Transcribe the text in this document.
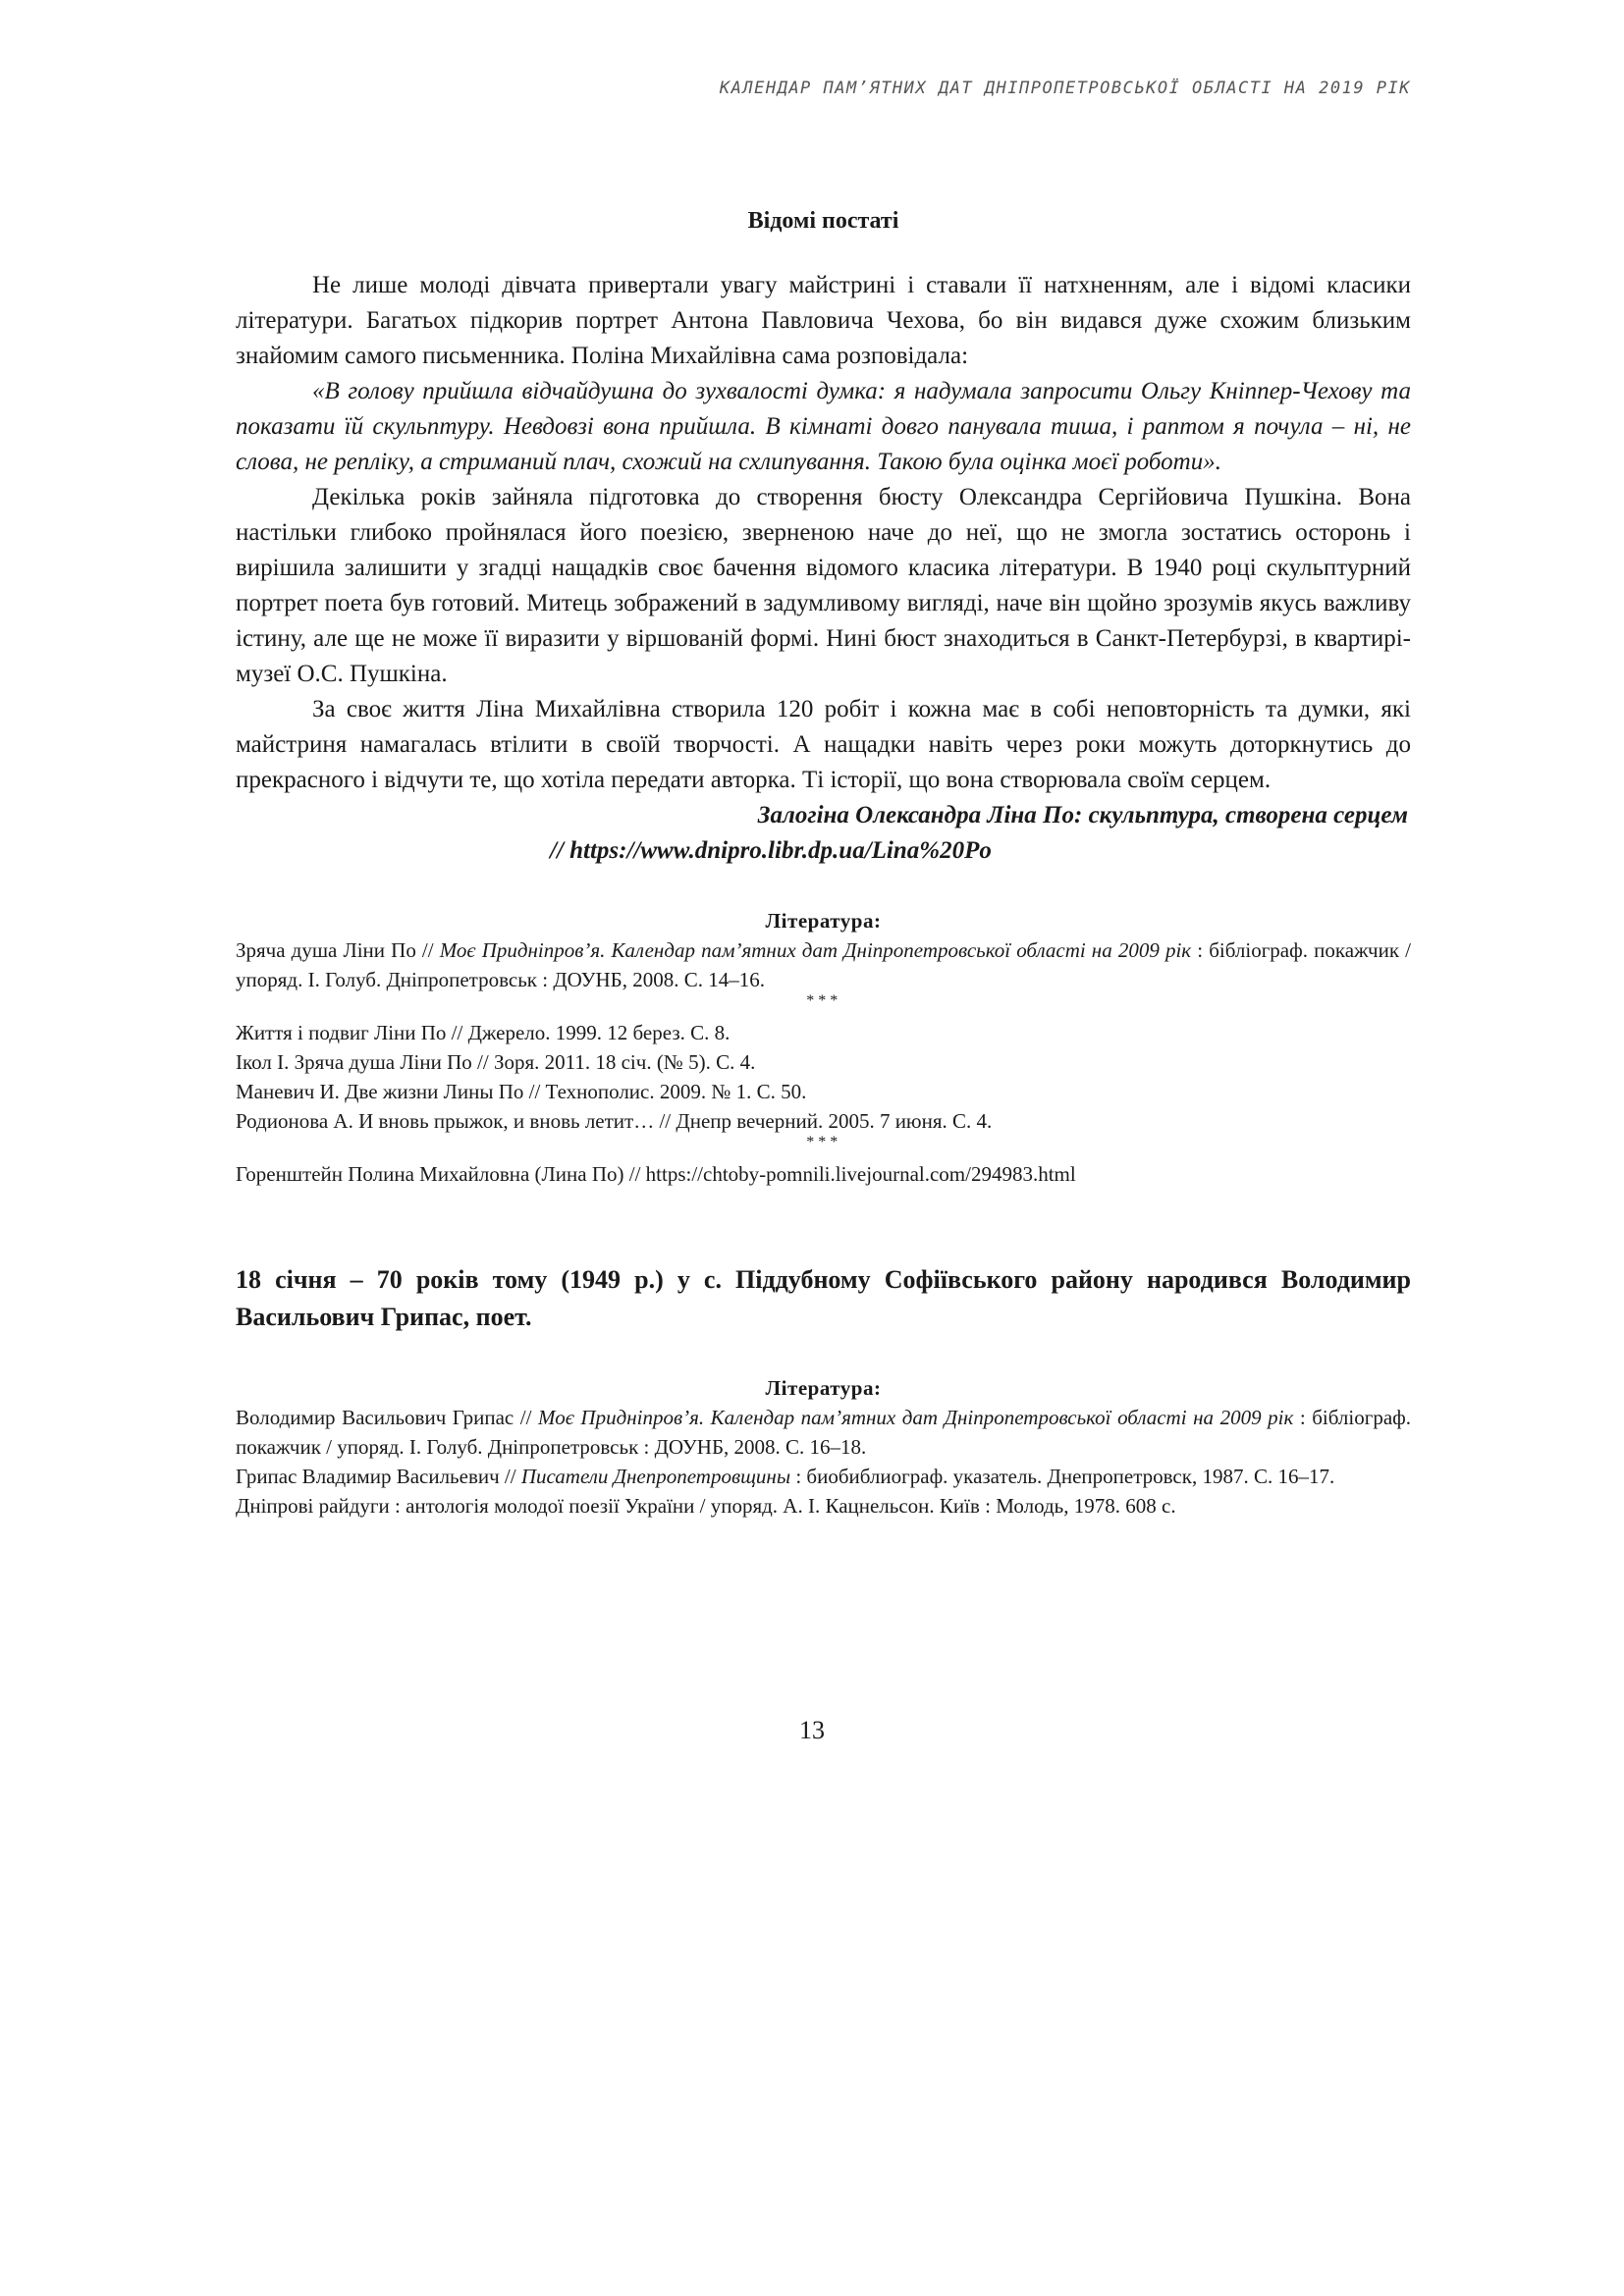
КАЛЕНДАР ПАМ’ЯТНИХ ДАТ ДНІПРОПЕТРОВСЬКОЇ ОБЛАСТІ НА 2019 РІК
Відомі постаті

Не лише молоді дівчата привертали увагу майстрині і ставали її натхненням, але і відомі класики літератури. Багатьох підкорив портрет Антона Павловича Чехова, бо він видався дуже схожим близьким знайомим самого письменника. Поліна Михайлівна сама розповідала:

«В голову прийшла відчайдушна до зухвалості думка: я надумала запросити Ольгу Кніппер-Чехову та показати їй скульптуру. Невдовзі вона прийшла. В кімнаті довго панувала тиша, і раптом я почула – ні, не слова, не репліку, а стриманий плач, схожий на схлипування. Такою була оцінка моєї роботи».

Декілька років зайняла підготовка до створення бюсту Олександра Сергійовича Пушкіна. Вона настільки глибоко пройнялася його поезією, зверненою наче до неї, що не змогла зостатись осторонь і вирішила залишити у згадці нащадків своє бачення відомого класика літератури. В 1940 році скульптурний портрет поета був готовий. Митець зображений в задумливому вигляді, наче він щойно зрозумів якусь важливу істину, але ще не може її виразити у віршованій формі. Нині бюст знаходиться в Санкт-Петербурзі, в квартирі-музеї О.С. Пушкіна.

За своє життя Ліна Михайлівна створила 120 робіт і кожна має в собі неповторність та думки, які майстриня намагалась втілити в своїй творчості. А нащадки навіть через роки можуть доторкнутись до прекрасного і відчути те, що хотіла передати авторка. Ті історії, що вона створювала своїм серцем.

Залогіна Олександра Ліна По: скульптура, створена серцем
// https://www.dnipro.libr.dp.ua/Lina%20Po
Література:

Зряча душа Ліни По // Моє Придніпров’я. Календар пам’ятних дат Дніпропетровської області на 2009 рік : бібліограф. покажчик / упоряд. І. Голуб. Дніпропетровськ : ДОУНБ, 2008. С. 14–16.

***

Життя і подвиг Ліни По // Джерело. 1999. 12 берез. С. 8.

Ікол І. Зряча душа Ліни По // Зоря. 2011. 18 січ. (№ 5). С. 4.

Маневич И. Две жизни Лины По // Технополис. 2009. № 1. С. 50.

Родионова А. И вновь прыжок, и вновь летит… // Днепр вечерний. 2005. 7 июня. С. 4.

***

Горенштейн Полина Михайловна (Лина По) // https://chtoby-pomnili.livejournal.com/294983.html

18 січня – 70 років тому (1949 р.) у с. Піддубному Софіївського району народився Володимир Васильович Грипас, поет.
Література:

Володимир Васильович Грипас // Моє Придніпров’я. Календар пам’ятних дат Дніпропетровської області на 2009 рік : бібліограф. покажчик / упоряд. І. Голуб. Дніпропетровськ : ДОУНБ, 2008. С. 16–18.

Грипас Владимир Васильевич // Писатели Днепропетровщины : биобиблиограф. указатель. Днепропетровск, 1987. С. 16–17.

Дніпрові райдуги : антологія молодої поезії України / упоряд. А. І. Кацнельсон. Київ : Молодь, 1978. 608 с.

13
